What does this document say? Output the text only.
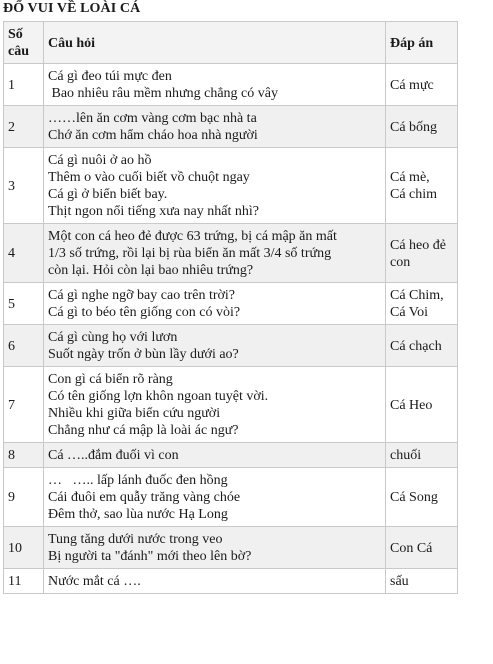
ĐỐ VUI VỀ LOÀI CÁ
Số câu	Câu hỏi	Đáp án
1	Cá gì đeo túi mực đen
Bao nhiêu râu mềm nhưng chẳng có vây	Cá mực

2	……lên ăn cơm vàng cơm bạc nhà ta
Chớ ăn cơm hẩm cháo hoa nhà người	Cá bống

3	Cá gì nuôi ở ao hồ
Thêm o vào cuối biết vồ chuột ngay
Cá gì ở biển biết bay.
Thịt ngon nổi tiếng xưa nay nhất nhì?	Cá mè,
Cá chim

4	Một con cá heo đẻ được 63 trứng, bị cá mập ăn mất
1/3 số trứng, rồi lại bị rùa biển ăn mất 3/4 số trứng
còn lại. Hỏi còn lại bao nhiêu trứng?	Cá heo đẻ
con

5	Cá gì nghe ngỡ bay cao trên trời?
Cá gì to béo tên giống con có vòi?	Cá Chim,
Cá Voi

6	Cá gì cùng họ với lươn
Suốt ngày trốn ở bùn lầy dưới ao?	Cá chạch

7	Con gì cá biển rõ ràng
Có tên giống lợn khôn ngoan tuyệt vời.
Nhiều khi giữa biển cứu người
Chẳng như cá mập là loài ác ngư?	Cá Heo

8	Cá …..đắm đuối vì con	chuối

9	…   ….. lấp lánh đuốc đen hồng
Cái đuôi em quẫy trăng vàng chóe
Đêm thở, sao lùa nước Hạ Long	Cá Song

10	Tung tăng dưới nước trong veo
Bị người ta "đánh" mới theo lên bờ?	Con Cá

11	Nước mắt cá ….	sấu
